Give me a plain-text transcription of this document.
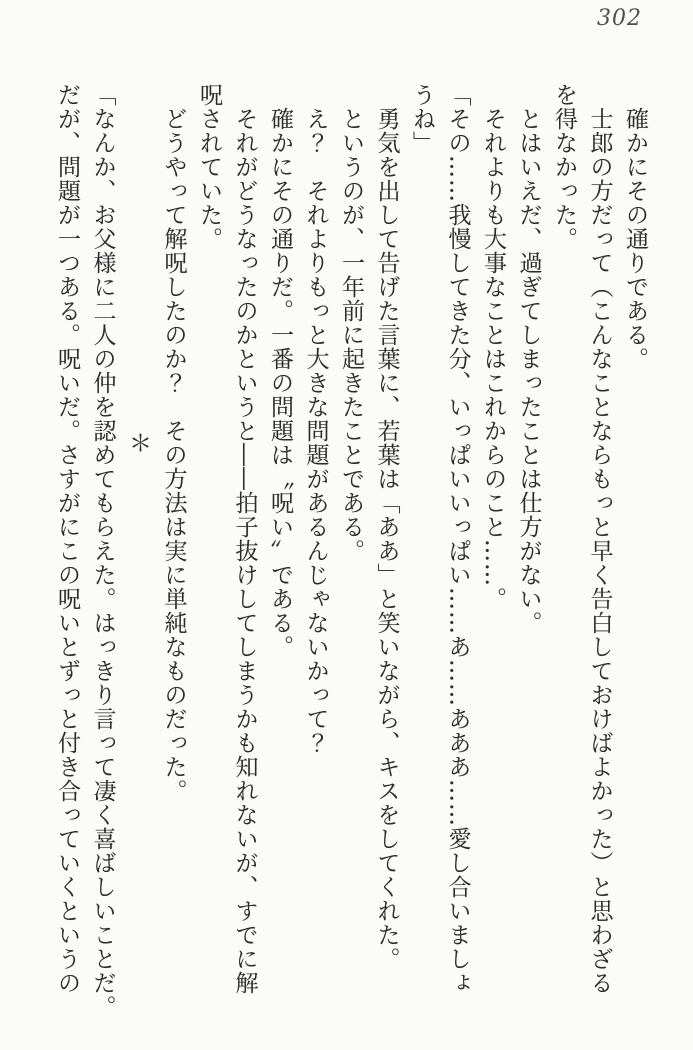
302
確かにその通りである。
士郎の方だって（こんなことならもっと早く告白しておけばよかった）と思わざる
を得なかった。
とはいえだ、過ぎてしまったことは仕方がない。
それよりも大事なことはこれからのこと……。
「その……我慢してきた分、いっぱいいっぱい……あ……あああ……愛し合いましょ
うね」
勇気を出して告げた言葉に、若葉は「ああ」と笑いながら、キスをしてくれた。
というのが、一年前に起きたことである。
え？　それよりもっと大きな問題があるんじゃないかって？
確かにその通りだ。一番の問題は〝呪い〟である。
それがどうなったのかというと――拍子抜けしてしまうかも知れないが、すでに解
呪されていた。
どうやって解呪したのか？　その方法は実に単純なものだった。
＊
「なんか、お父様に二人の仲を認めてもらえた。はっきり言って凄く喜ばしいことだ。
だが、問題が一つある。呪いだ。さすがにこの呪いとずっと付き合っていくというの
